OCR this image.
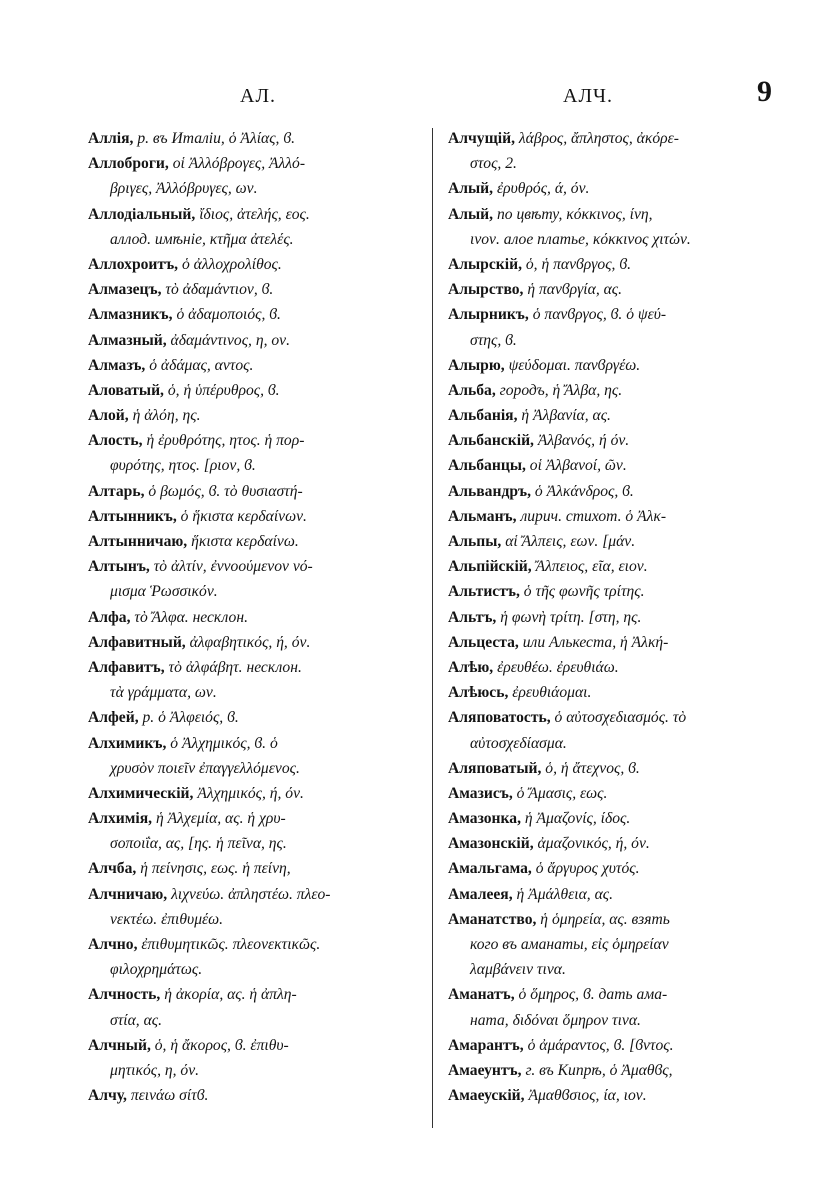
АЛ.	АЛЧ.	9
Аллія, р. въ Италіи, ὁ Ἀλίας, ϐ.
Аллоброги, οἱ Ἀλλόβρογες, Ἀλλό-
βριγες, Ἀλλόβρυγες, ων.
Аллодіальный, ἴδιος, ἀτελής, εος.
аллод. имѣніе, κτῆμα ἀτελές.
Аллохроитъ, ὁ ἀλλοχρολίθος.
Алмазецъ, τὸ ἀδαμάντιον, ϐ.
Алмазникъ, ὁ ἀδαμοποιός, ϐ.
Алмазный, ἀδαμάντινος, η, ον.
Алмазъ, ὁ ἀδάμας, αντος.
Аловатый, ὁ, ἡ ὑπέρυθρος, ϐ.
Алой, ἡ ἀλόη, ης.
Алость, ἡ ἐρυθρότης, ητος. ἡ πορ-
φυρότης, ητος. [ριον, ϐ.
Алтарь, ὁ βωμός, ϐ. τὸ θυσιαστή-
Алтынникъ, ὁ ἥκιστα κερδαίνων.
Алтынничаю, ἥκιστα κερδαίνω.
Алтынъ, τὸ ἀλτίν, ἐννοούμενον νό-
μισμα Ῥωσσικόν.
Алфа, τὸ Ἄλφα. несклон.
Алфавитный, ἀλφαβητικός, ή, όν.
Алфавитъ, τὸ ἀλφάβητ. несклон.
τὰ γράμματα, ων.
Алфей, р. ὁ Ἀλφειός, ϐ.
Алхимикъ, ὁ Ἀλχημικός, ϐ. ὁ
χρυσὸν ποιεῖν ἐπαγγελλόμενος.
Алхимическій, Ἀλχημικός, ή, όν.
Алхимія, ἡ Ἀλχεμία, ας. ἡ χρυ-
σοποιΐα, ας, [ης. ἡ πεῖνα, ης.
Алчба, ἡ πείνησις, εως. ἡ πείνη,
Алчничаю, λιχνεύω. ἀπληστέω. πλεο-
νεκτέω. ἐπιθυμέω.
Алчно, ἐπιθυμητικῶς. πλεονεκτικῶς.
φιλοχρημάτως.
Алчность, ἡ ἀκορία, ας. ἡ ἀπλη-
στία, ας.
Алчный, ὁ, ἡ ἄκορος, ϐ. ἐπιθυ-
μητικός, η, όν.
Алчу, πεινάω σίτϐ.
Алчущій, λάβρος, ἄπληστος, ἀκόρε-
στος, 2.
Алый, ἐρυθρός, ά, όν.
Алый, по цвѣту, κόκκινος, ίνη,
ινον. алое платье, κόκκινος χιτών.
Алырскій, ὁ, ἡ πανϐργος, ϐ.
Алырство, ἡ πανϐργία, ας.
Алырникъ, ὁ πανϐργος, ϐ. ὁ ψεύ-
στης, ϐ.
Алырю, ψεύδομαι. πανϐργέω.
Альба, городъ, ἡ Ἄλβα, ης.
Альбанія, ἡ Ἀλβανία, ας.
Альбанскій, Ἀλβανός, ή όν.
Альбанцы, οἱ Ἀλβανοί, ῶν.
Альвандръ, ὁ Ἀλκάνδρος, ϐ.
Альманъ, лирич. стихот. ὁ Ἀλκ-
Альпы, αἱ Ἄλπεις, εων. [μάν.
Альпійскій, Ἄλπειος, εῖα, ειον.
Альтистъ, ὁ τῆς φωνῆς τρίτης.
Альтъ, ἡ φωνὴ τρίτη. [στη, ης.
Альцеста, или Алькеста, ἡ Ἀλκή-
Алѣю, ἐρευθέω. ἐρευθιάω.
Алѣюсь, ἐρευθιάομαι.
Аляповатость, ὁ αὐτοσχεδιασμός. τὸ
αὐτοσχεδίασμα.
Аляповатый, ὁ, ἡ ἄτεχνος, ϐ.
Амазисъ, ὁ Ἄμασις, εως.
Амазонка, ἡ Ἀμαζονίς, ίδος.
Амазонскій, ἀμαζονικός, ή, όν.
Амальгама, ὁ ἄργυρος χυτός.
Амалеея, ἡ Ἀμάλθεια, ας.
Аманатство, ἡ ὁμηρεία, ας. взять
кого въ аманаты, εἰς ὁμηρείαν
λαμβάνειν τινα.
Аманатъ, ὁ ὅμηρος, ϐ. дать ама-
ната, διδόναι ὅμηρον τινα.
Амарантъ, ὁ ἀμάραντος, ϐ. [ϐντος.
Амаеунтъ, г. въ Кипрѣ, ὁ Ἀμαθϐς,
Амаеускій, Ἀμαθϐσιος, ία, ιον.
